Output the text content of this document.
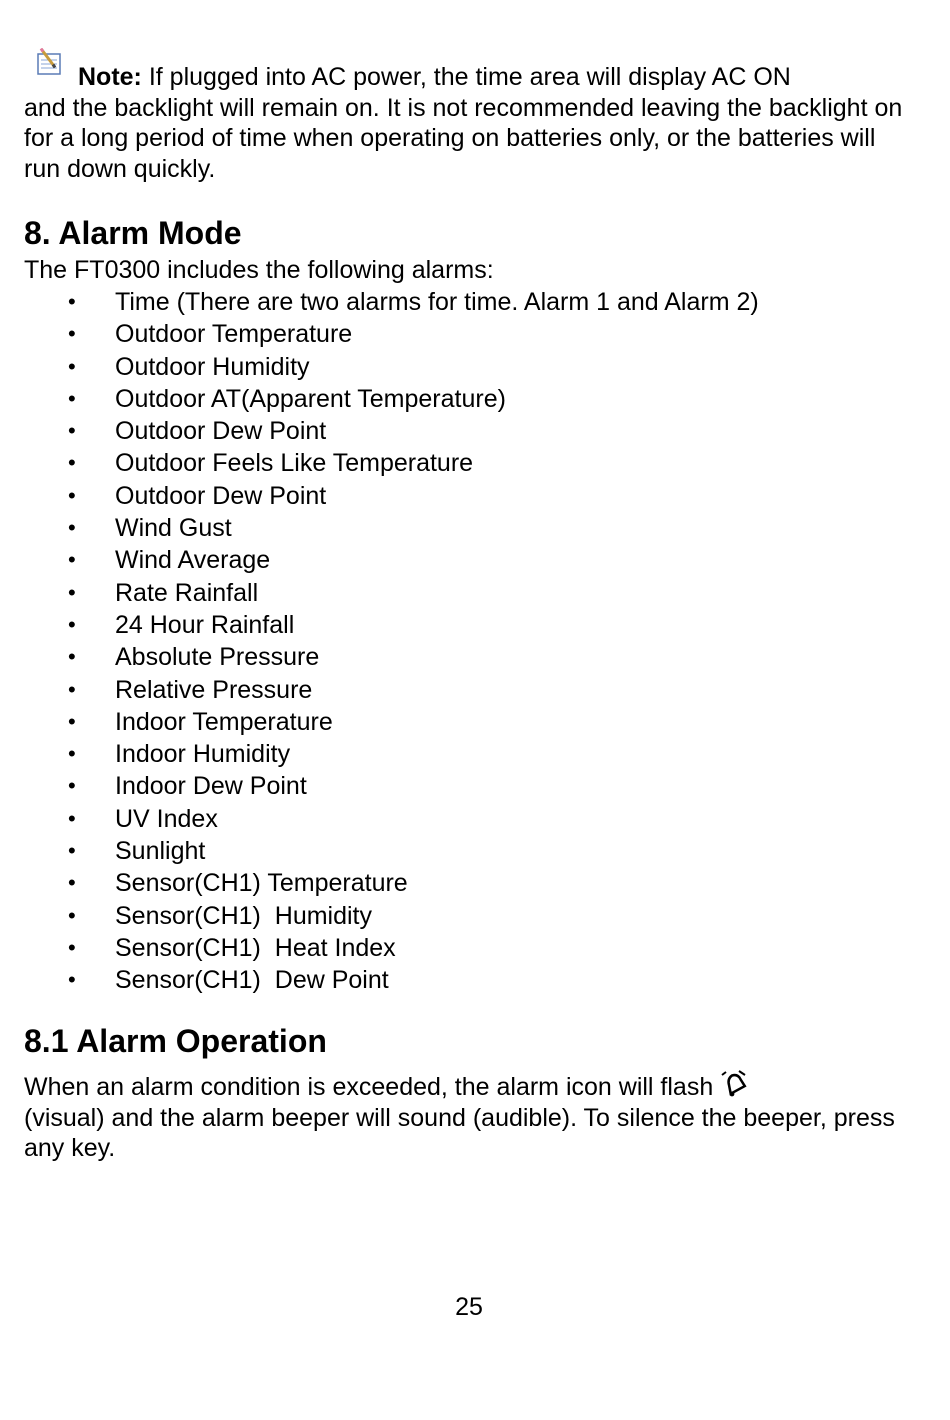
Note: If plugged into AC power, the time area will display AC ON
and the backlight will remain on. It is not recommended leaving the backlight on for a long period of time when operating on batteries only, or the batteries will run down quickly.
8. Alarm Mode

The FT0300 includes the following alarms:

• Time (There are two alarms for time. Alarm 1 and Alarm 2)
• Outdoor Temperature
• Outdoor Humidity
• Outdoor AT(Apparent Temperature)
• Outdoor Dew Point
• Outdoor Feels Like Temperature
• Outdoor Dew Point
• Wind Gust
• Wind Average
• Rate Rainfall
• 24 Hour Rainfall
• Absolute Pressure
• Relative Pressure
• Indoor Temperature
• Indoor Humidity
• Indoor Dew Point
• UV Index
• Sunlight
• Sensor(CH1) Temperature
• Sensor(CH1)  Humidity
• Sensor(CH1)  Heat Index
• Sensor(CH1)  Dew Point
8.1 Alarm Operation

When an alarm condition is exceeded, the alarm icon will flash
(visual) and the alarm beeper will sound (audible). To silence the beeper, press any key.

25
